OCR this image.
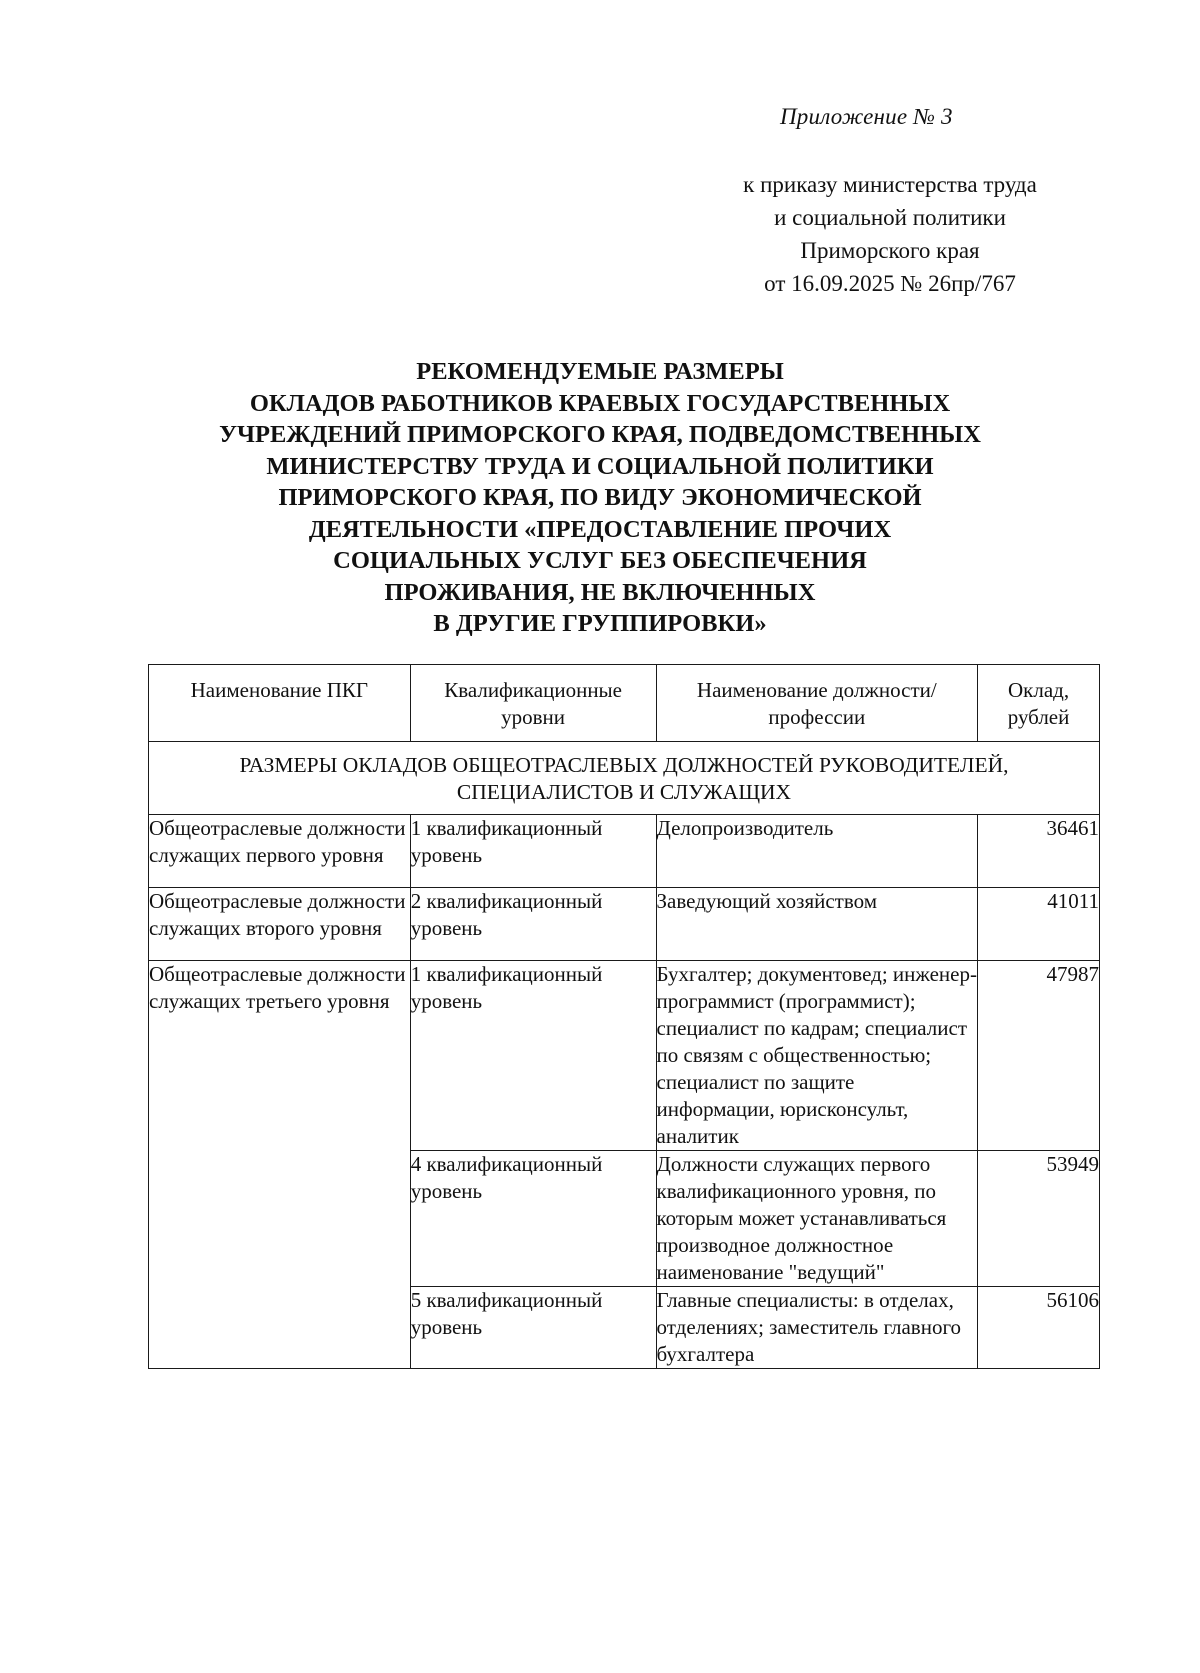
Приложение № 3
к приказу министерства труда
и социальной политики
Приморского края
от 16.09.2025 № 26пр/767
РЕКОМЕНДУЕМЫЕ РАЗМЕРЫ
ОКЛАДОВ РАБОТНИКОВ КРАЕВЫХ ГОСУДАРСТВЕННЫХ
УЧРЕЖДЕНИЙ ПРИМОРСКОГО КРАЯ, ПОДВЕДОМСТВЕННЫХ
МИНИСТЕРСТВУ ТРУДА И СОЦИАЛЬНОЙ ПОЛИТИКИ
ПРИМОРСКОГО КРАЯ, ПО ВИДУ ЭКОНОМИЧЕСКОЙ
ДЕЯТЕЛЬНОСТИ «ПРЕДОСТАВЛЕНИЕ ПРОЧИХ
СОЦИАЛЬНЫХ УСЛУГ БЕЗ ОБЕСПЕЧЕНИЯ
ПРОЖИВАНИЯ, НЕ ВКЛЮЧЕННЫХ
В ДРУГИЕ ГРУППИРОВКИ»
Наименование ПКГ	Квалификационные уровни	Наименование должности/профессии	Оклад, рублей
РАЗМЕРЫ ОКЛАДОВ ОБЩЕОТРАСЛЕВЫХ ДОЛЖНОСТЕЙ РУКОВОДИТЕЛЕЙ, СПЕЦИАЛИСТОВ И СЛУЖАЩИХ			
Общеотраслевые должности служащих первого уровня	1 квалификационный уровень	Делопроизводитель	36461
Общеотраслевые должности служащих второго уровня	2 квалификационный уровень	Заведующий хозяйством	41011
Общеотраслевые должности служащих третьего уровня	1 квалификационный уровень	Бухгалтер; документовед; инженер-программист (программист); специалист по кадрам; специалист по связям с общественностью; специалист по защите информации, юрисконсульт, аналитик	47987
	4 квалификационный уровень	Должности служащих первого квалификационного уровня, по которым может устанавливаться производное должностное наименование "ведущий"	53949
	5 квалификационный уровень	Главные специалисты: в отделах, отделениях; заместитель главного бухгалтера	56106
